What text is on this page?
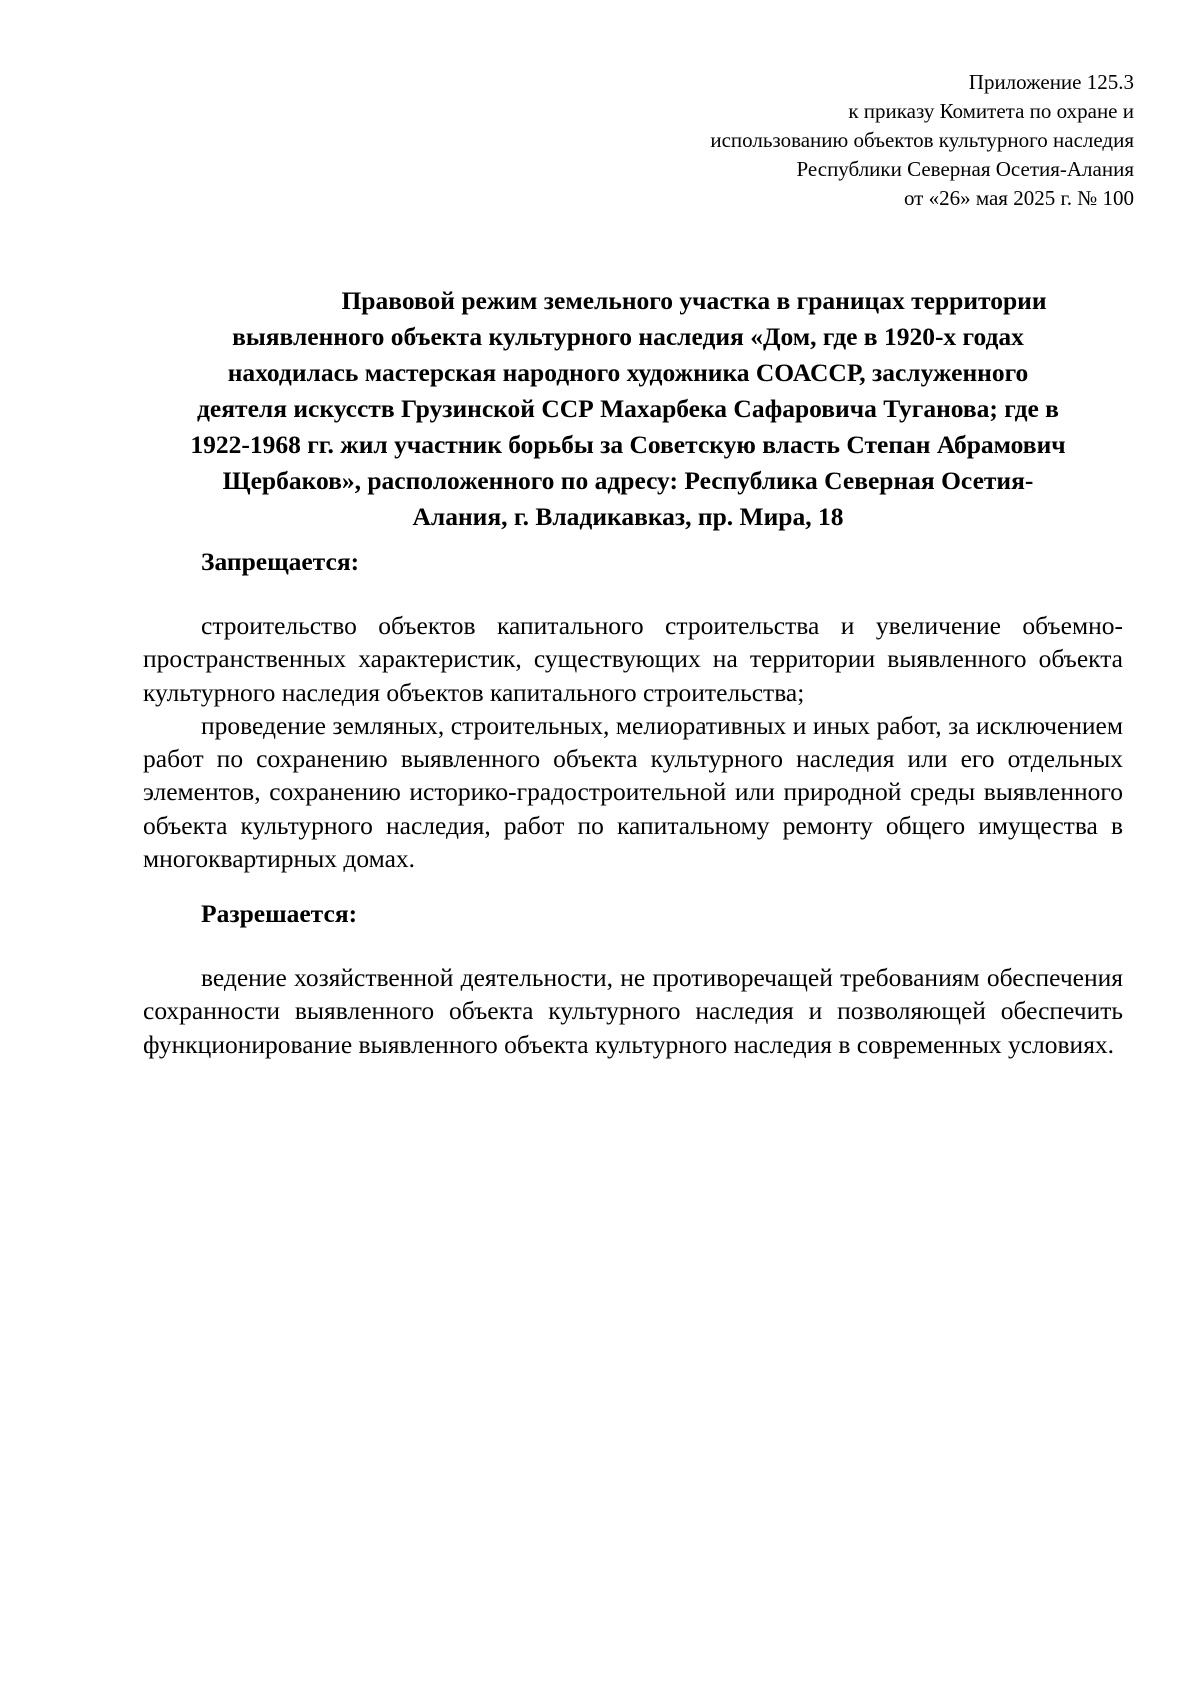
Приложение 125.3
к приказу Комитета по охране и
использованию объектов культурного наследия
Республики Северная Осетия-Алания
от «26» мая 2025 г. № 100
Правовой режим земельного участка в границах территории
выявленного объекта культурного наследия «Дом, где в 1920-х годах
находилась мастерская народного художника СОАССР, заслуженного
деятеля искусств Грузинской ССР Махарбека Сафаровича Туганова; где в
1922-1968 гг. жил участник борьбы за Советскую власть Степан Абрамович
Щербаков», расположенного по адресу: Республика Северная Осетия-
Алания, г. Владикавказ, пр. Мира, 18
Запрещается:
строительство объектов капитального строительства и увеличение объемно-пространственных характеристик, существующих на территории выявленного объекта культурного наследия объектов капитального строительства;
проведение земляных, строительных, мелиоративных и иных работ, за исключением работ по сохранению выявленного объекта культурного наследия или его отдельных элементов, сохранению историко-градостроительной или природной среды выявленного объекта культурного наследия, работ по капитальному ремонту общего имущества в многоквартирных домах.
Разрешается:
ведение хозяйственной деятельности, не противоречащей требованиям обеспечения сохранности выявленного объекта культурного наследия и позволяющей обеспечить функционирование выявленного объекта культурного наследия в современных условиях.
